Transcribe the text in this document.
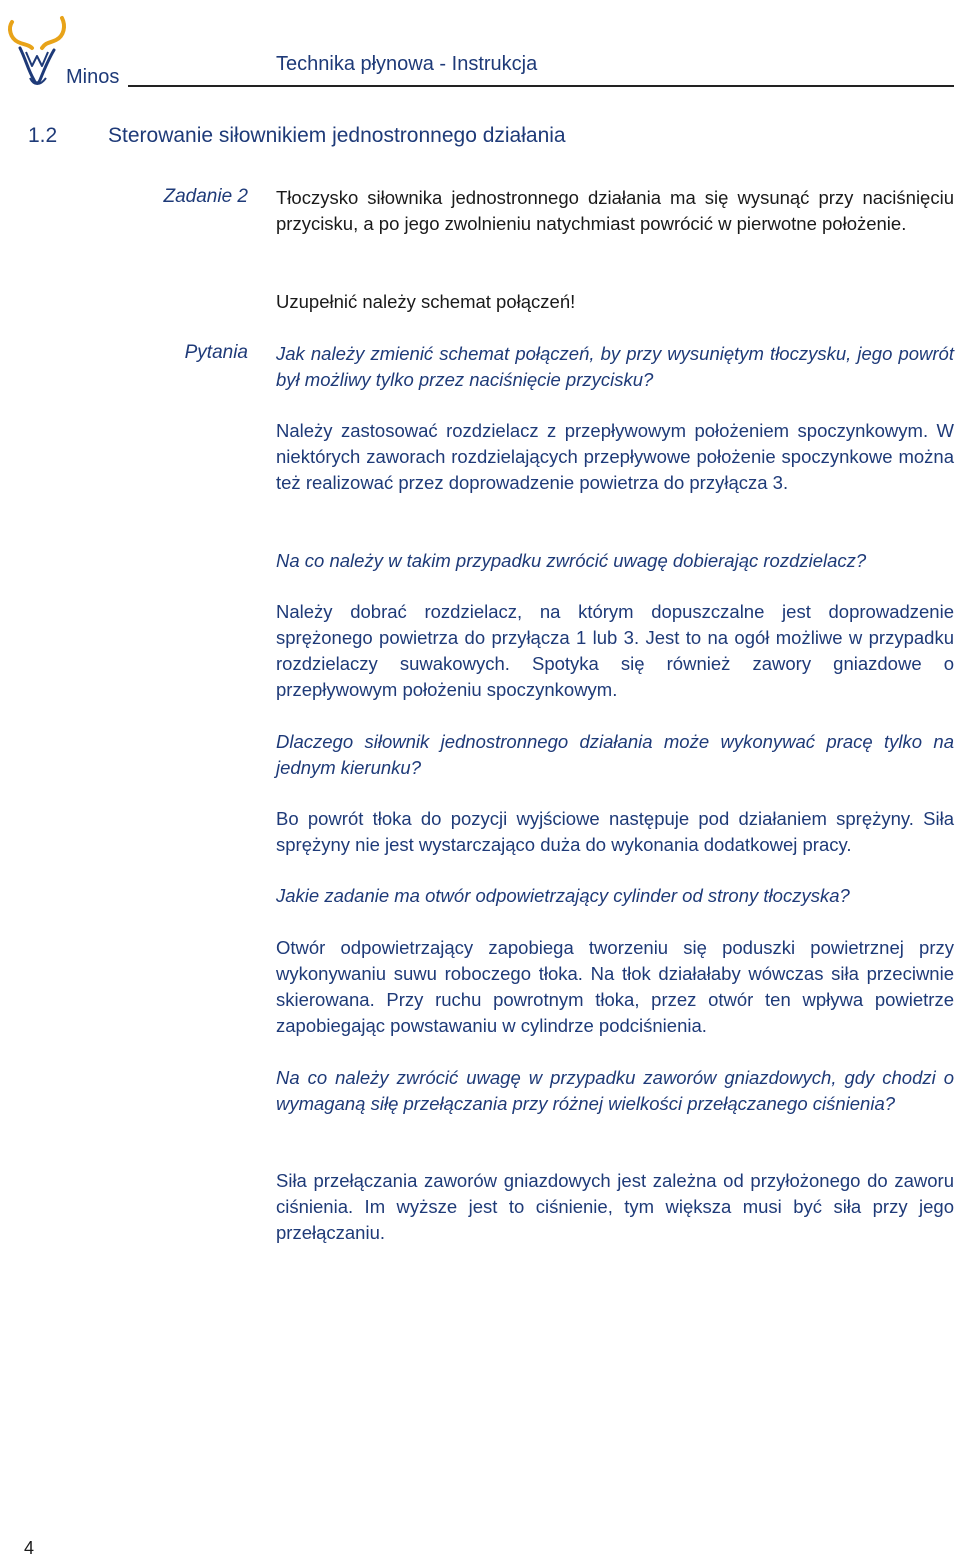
Minos
Technika płynowa - Instrukcja
1.2 Sterowanie siłownikiem jednostronnego działania
Zadanie 2 Tłoczysko siłownika jednostronnego działania ma się wysunąć przy naciśnięciu przycisku, a po jego zwolnieniu natychmiast powrócić w pierwotne położenie.
Uzupełnić należy schemat połączeń!
Pytania Jak należy zmienić schemat połączeń, by przy wysuniętym tłoczysku, jego powrót był możliwy tylko przez naciśnięcie przycisku?
Należy zastosować rozdzielacz z przepływowym położeniem spoczynkowym. W niektórych zaworach rozdzielających przepływowe położenie spoczynkowe można też realizować przez doprowadzenie powietrza do przyłącza 3.
Na co należy w takim przypadku zwrócić uwagę dobierając rozdzielacz?
Należy dobrać rozdzielacz, na którym dopuszczalne jest doprowadzenie sprężonego powietrza do przyłącza 1 lub 3. Jest to na ogół możliwe w przypadku rozdzielaczy suwakowych. Spotyka się również zawory gniazdowe o przepływowym położeniu spoczynkowym.
Dlaczego siłownik jednostronnego działania może wykonywać pracę tylko na jednym kierunku?
Bo powrót tłoka do pozycji wyjściowe następuje pod działaniem sprężyny. Siła sprężyny nie jest wystarczająco duża do wykonania dodatkowej pracy.
Jakie zadanie ma otwór odpowietrzający cylinder od strony tłoczyska?
Otwór odpowietrzający zapobiega tworzeniu się poduszki powietrznej przy wykonywaniu suwu roboczego tłoka. Na tłok działałaby wówczas siła przeciwnie skierowana. Przy ruchu powrotnym tłoka, przez otwór ten wpływa powietrze zapobiegając powstawaniu w cylindrze podciśnienia.
Na co należy zwrócić uwagę w przypadku zaworów gniazdowych, gdy chodzi o wymaganą siłę przełączania przy różnej wielkości przełączanego ciśnienia?
Siła przełączania zaworów gniazdowych jest zależna od przyłożonego do zaworu ciśnienia. Im wyższe jest to ciśnienie, tym większa musi być siła przy jego przełączaniu.
4
